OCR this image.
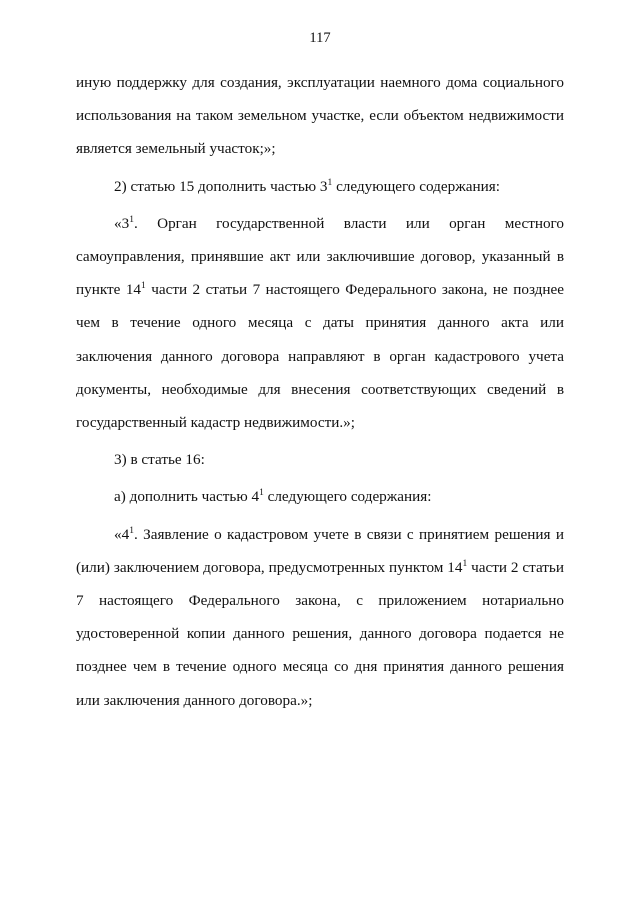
117

иную поддержку для создания, эксплуатации наемного дома социального использования на таком земельном участке, если объектом недвижимости является земельный участок;»;

2) статью 15 дополнить частью $3^1$ следующего содержания:

«$3^1$. Орган государственной власти или орган местного самоуправления, принявшие акт или заключившие договор, указанный в пункте $14^1$ части 2 статьи 7 настоящего Федерального закона, не позднее чем в течение одного месяца с даты принятия данного акта или заключения данного договора направляют в орган кадастрового учета документы, необходимые для внесения соответствующих сведений в государственный кадастр недвижимости.»;

3) в статье 16:

а) дополнить частью $4^1$ следующего содержания:

«$4^1$. Заявление о кадастровом учете в связи с принятием решения и (или) заключением договора, предусмотренных пунктом $14^1$ части 2 статьи 7 настоящего Федерального закона, с приложением нотариально удостоверенной копии данного решения, данного договора подается не позднее чем в течение одного месяца со дня принятия данного решения или заключения данного договора.»;
